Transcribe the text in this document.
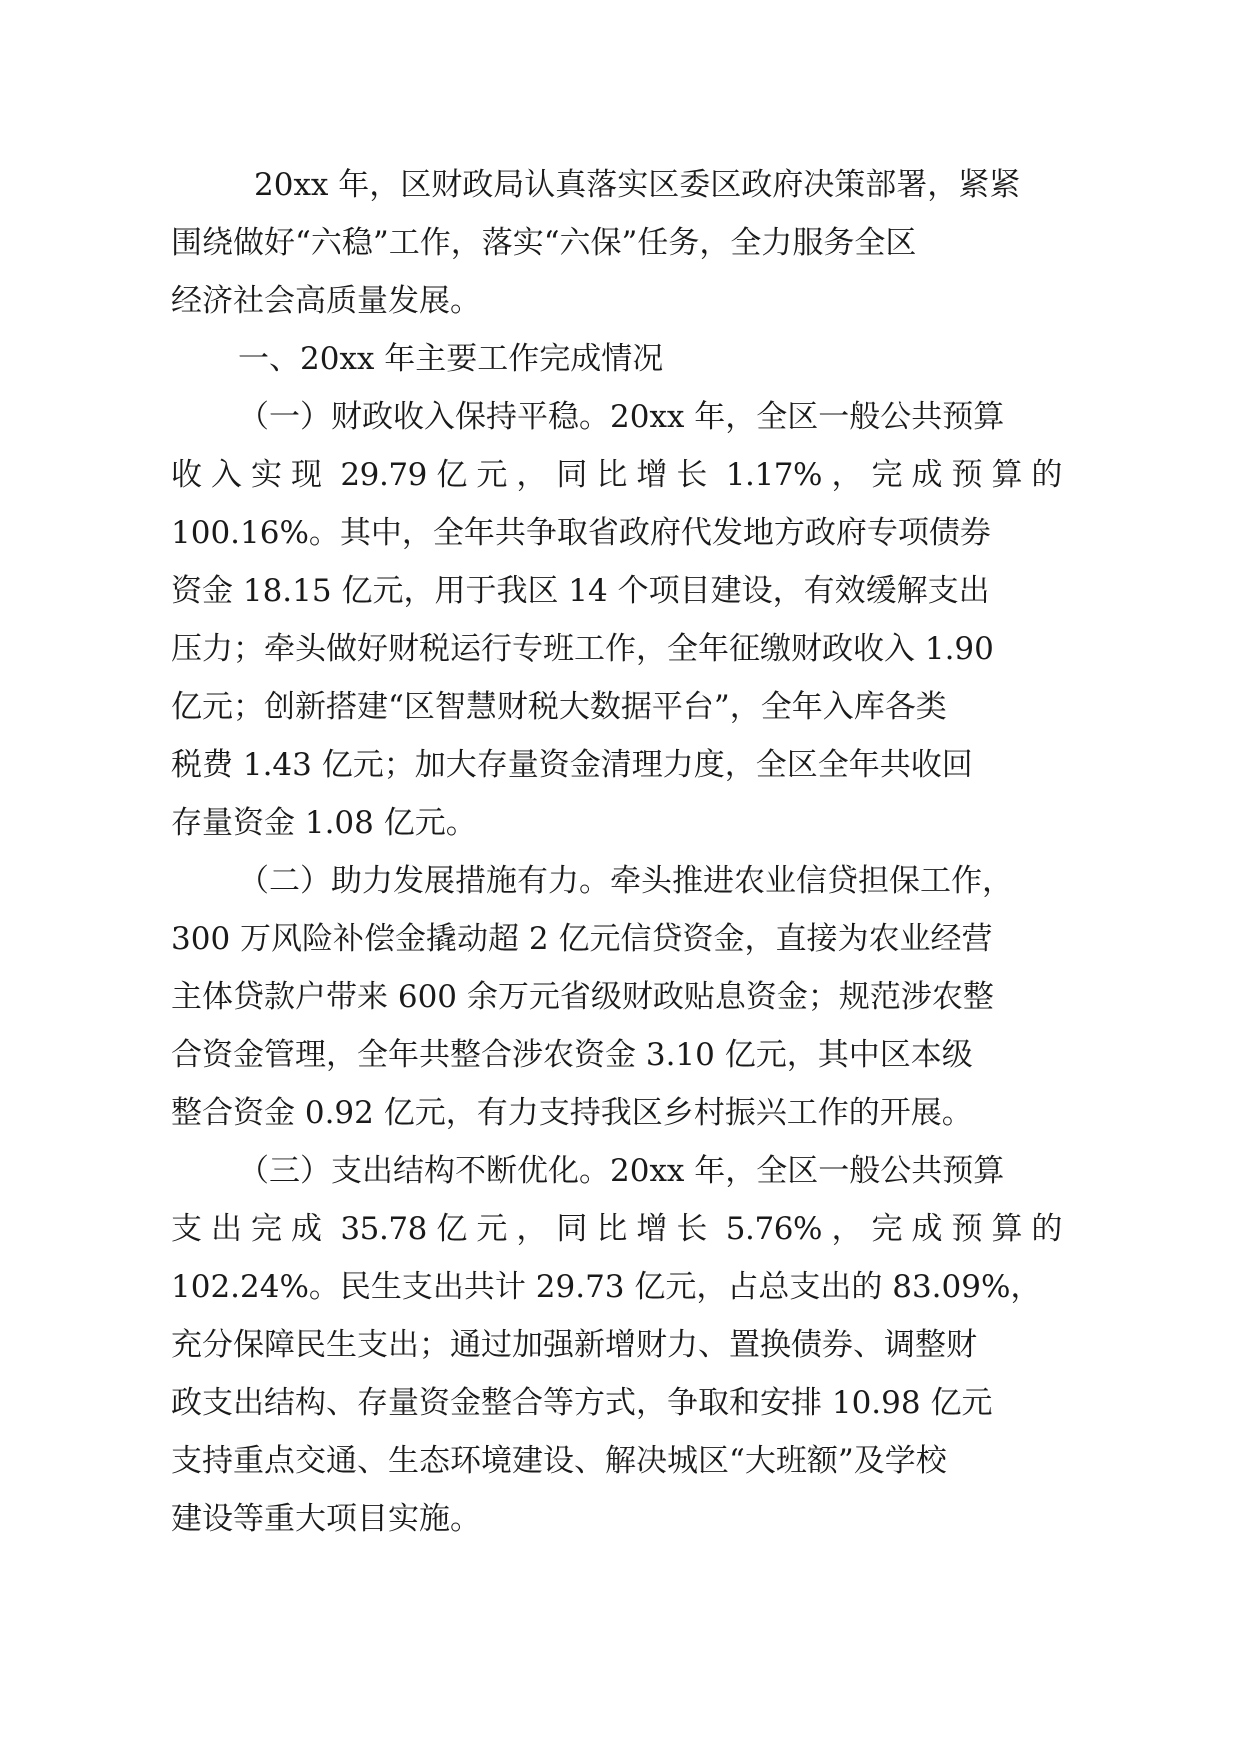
20xx 年，区财政局认真落实区委区政府决策部署，紧紧

围绕做好“六稳”工作，落实“六保”任务，全力服务全区

经济社会高质量发展。

一、20xx 年主要工作完成情况

（一）财政收入保持平稳。20xx 年，全区一般公共预算

收 入 实 现  29.79 亿 元 ， 同 比 增 长  1.17% ， 完 成 预 算 的

100.16%。其中，全年共争取省政府代发地方政府专项债券

资金 18.15 亿元，用于我区 14 个项目建设，有效缓解支出

压力；牵头做好财税运行专班工作，全年征缴财政收入 1.90

亿元；创新搭建“区智慧财税大数据平台”，全年入库各类

税费 1.43 亿元；加大存量资金清理力度，全区全年共收回

存量资金 1.08 亿元。

（二）助力发展措施有力。牵头推进农业信贷担保工作，

300 万风险补偿金撬动超 2 亿元信贷资金，直接为农业经营

主体贷款户带来 600 余万元省级财政贴息资金；规范涉农整

合资金管理，全年共整合涉农资金 3.10 亿元，其中区本级

整合资金 0.92 亿元，有力支持我区乡村振兴工作的开展。

（三）支出结构不断优化。20xx 年，全区一般公共预算

支 出 完 成  35.78 亿 元 ， 同 比 增 长  5.76% ， 完 成 预 算 的

102.24%。民生支出共计 29.73 亿元，占总支出的 83.09%，

充分保障民生支出；通过加强新增财力、置换债券、调整财

政支出结构、存量资金整合等方式，争取和安排 10.98 亿元

支持重点交通、生态环境建设、解决城区“大班额”及学校

建设等重大项目实施。
